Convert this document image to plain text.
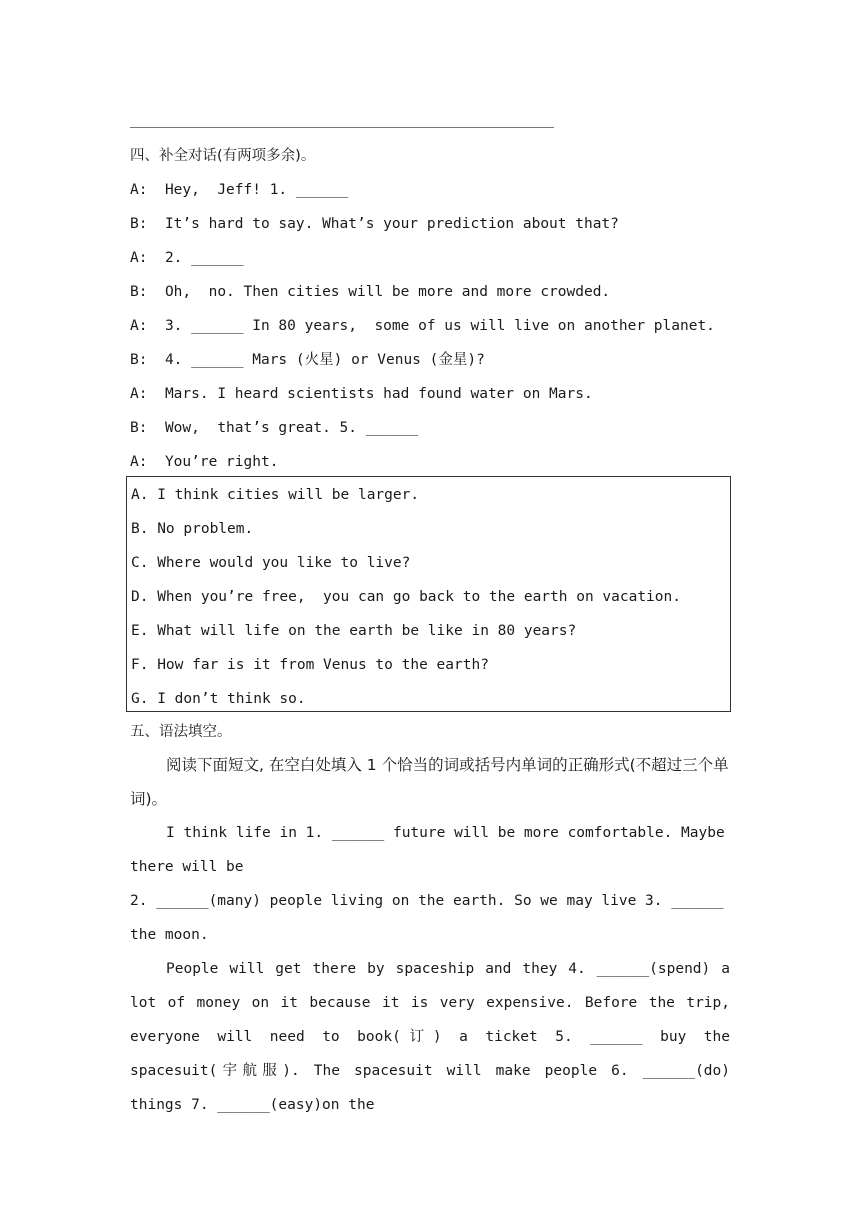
四、补全对话(有两项多余)。
A: Hey,  Jeff! 1. ______
B: It’s hard to say. What’s your prediction about that?
A: 2. ______
B: Oh,  no. Then cities will be more and more crowded.
A: 3. ______ In 80 years,  some of us will live on another planet.
B: 4. ______ Mars (火星) or Venus (金星)?
A: Mars. I heard scientists had found water on Mars.
B: Wow,  that’s great. 5. ______
A: You’re right.
A. I think cities will be larger.
B. No problem.
C. Where would you like to live?
D. When you’re free,  you can go back to the earth on vacation.
E. What will life on the earth be like in 80 years?
F. How far is it from Venus to the earth?
G. I don’t think so.
五、语法填空。
阅读下面短文, 在空白处填入 1 个恰当的词或括号内单词的正确形式(不超过三个单词)。
I think life in 1. ______ future will be more comfortable. Maybe there will be
2. ______(many) people living on the earth. So we may live 3. ______ the moon.
People will get there by spaceship and they 4. ______(spend) a lot of money on it because it is very expensive. Before the trip, everyone will need to book(订) a ticket 5. ______ buy the spacesuit(宇航服). The spacesuit will make people 6. ______(do) things 7. ______(easy)on the
